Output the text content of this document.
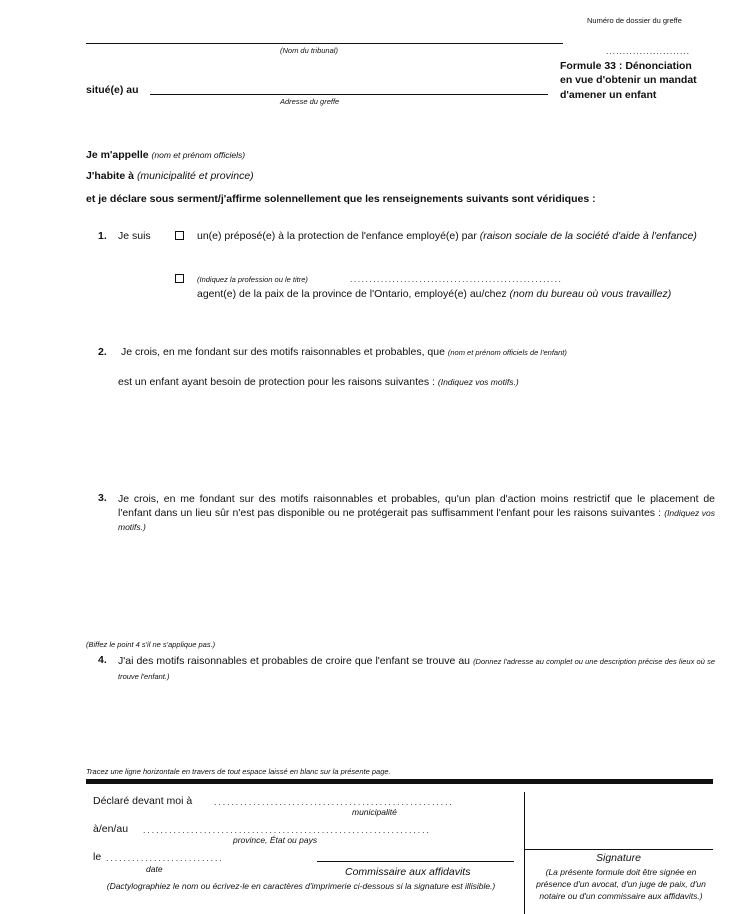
Numéro de dossier du greffe
.........................
(Nom du tribunal)
situé(e) au
Adresse du greffe
Formule 33 : Dénonciation
en vue d'obtenir un mandat
d'amener un enfant
Je m'appelle (nom et prénom officiels)
J'habite à (municipalité et province)
et je déclare sous serment/j'affirme solennellement que les renseignements suivants sont véridiques :
1. Je suis	un(e) préposé(e) à la protection de l'enfance employé(e) par (raison sociale de la société d'aide à l'enfance)
(Indiquez la profession ou le titre)	.......................................................
agent(e) de la paix de la province de l'Ontario, employé(e) au/chez (nom du bureau où vous travaillez)
2. Je crois, en me fondant sur des motifs raisonnables et probables, que (nom et prénom officiels de l'enfant)
est un enfant ayant besoin de protection pour les raisons suivantes : (Indiquez vos motifs.)
3. Je crois, en me fondant sur des motifs raisonnables et probables, qu'un plan d'action moins restrictif que le placement de l'enfant dans un lieu sûr n'est pas disponible ou ne protégerait pas suffisamment l'enfant pour les raisons suivantes : (Indiquez vos motifs.)
(Biffez le point 4 s'il ne s'applique pas.)
4. J'ai des motifs raisonnables et probables de croire que l'enfant se trouve au (Donnez l'adresse au complet ou une description précise des lieux où se trouve l'enfant.)
Tracez une ligne horizontale en travers de tout espace laissé en blanc sur la présente page.
Déclaré devant moi à	.......................................................
municipalité
à/en/au ..................................................................
province, État ou pays
le ...........................
date	Commissaire aux affidavits
(Dactylographiez le nom ou écrivez-le en caractères d'imprimerie ci-dessous si la signature est illisible.)
Signature
(La présente formule doit être signée en présence d'un avocat, d'un juge de paix, d'un notaire ou d'un commissaire aux affidavits.)
